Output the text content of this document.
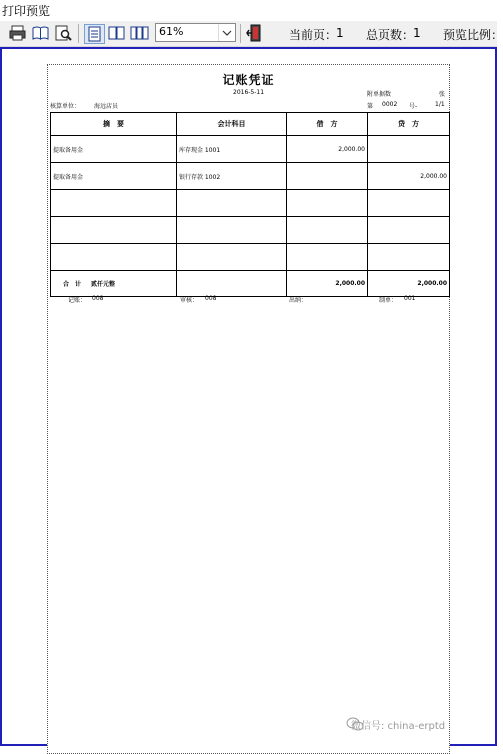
打印预览
61%	当前页：
1 总页数：
1 预览比例：
记账凭证
2016-5-11	附单据数	张
核算单位： 海远店员	第 0002 号-	1/1
摘　要	会计科目	借　方	贷　方
提取备用金	库存现金 1001	2,000.00	
提取备用金	银行存款 1002		2,000.00

合　计 贰仟元整		2,000.00	2,000.00
记账： 008	审核： 008	出纳：	制单： 001
微信号: china-erptd
